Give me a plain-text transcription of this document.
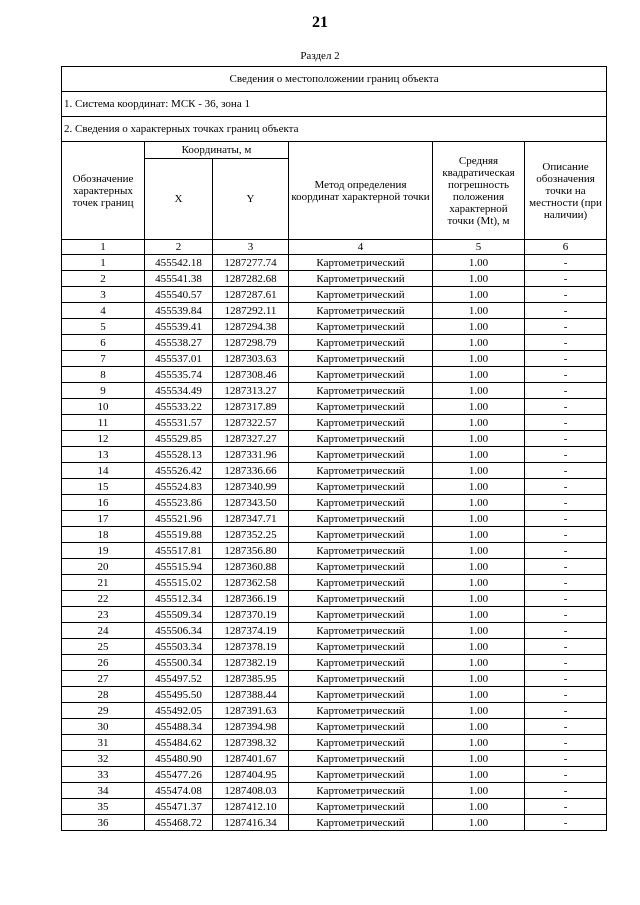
21
Раздел 2
Сведения о местоположении границ объекта					
1. Система координат: МСК - 36, зона 1					
2. Сведения о характерных точках границ объекта					
Обозначение характерных точек границ	Координаты, м		Метод определения координат характерной точки	Средняя квадратическая погрешность положения характерной точки (Mt), м	Описание обозначения точки на местности (при наличии)
	X	Y			
1	2	3	4	5	6
1	455542.18	1287277.74	Картометрический	1.00	-
2	455541.38	1287282.68	Картометрический	1.00	-
3	455540.57	1287287.61	Картометрический	1.00	-
4	455539.84	1287292.11	Картометрический	1.00	-
5	455539.41	1287294.38	Картометрический	1.00	-
6	455538.27	1287298.79	Картометрический	1.00	-
7	455537.01	1287303.63	Картометрический	1.00	-
8	455535.74	1287308.46	Картометрический	1.00	-
9	455534.49	1287313.27	Картометрический	1.00	-
10	455533.22	1287317.89	Картометрический	1.00	-
11	455531.57	1287322.57	Картометрический	1.00	-
12	455529.85	1287327.27	Картометрический	1.00	-
13	455528.13	1287331.96	Картометрический	1.00	-
14	455526.42	1287336.66	Картометрический	1.00	-
15	455524.83	1287340.99	Картометрический	1.00	-
16	455523.86	1287343.50	Картометрический	1.00	-
17	455521.96	1287347.71	Картометрический	1.00	-
18	455519.88	1287352.25	Картометрический	1.00	-
19	455517.81	1287356.80	Картометрический	1.00	-
20	455515.94	1287360.88	Картометрический	1.00	-
21	455515.02	1287362.58	Картометрический	1.00	-
22	455512.34	1287366.19	Картометрический	1.00	-
23	455509.34	1287370.19	Картометрический	1.00	-
24	455506.34	1287374.19	Картометрический	1.00	-
25	455503.34	1287378.19	Картометрический	1.00	-
26	455500.34	1287382.19	Картометрический	1.00	-
27	455497.52	1287385.95	Картометрический	1.00	-
28	455495.50	1287388.44	Картометрический	1.00	-
29	455492.05	1287391.63	Картометрический	1.00	-
30	455488.34	1287394.98	Картометрический	1.00	-
31	455484.62	1287398.32	Картометрический	1.00	-
32	455480.90	1287401.67	Картометрический	1.00	-
33	455477.26	1287404.95	Картометрический	1.00	-
34	455474.08	1287408.03	Картометрический	1.00	-
35	455471.37	1287412.10	Картометрический	1.00	-
36	455468.72	1287416.34	Картометрический	1.00	-
